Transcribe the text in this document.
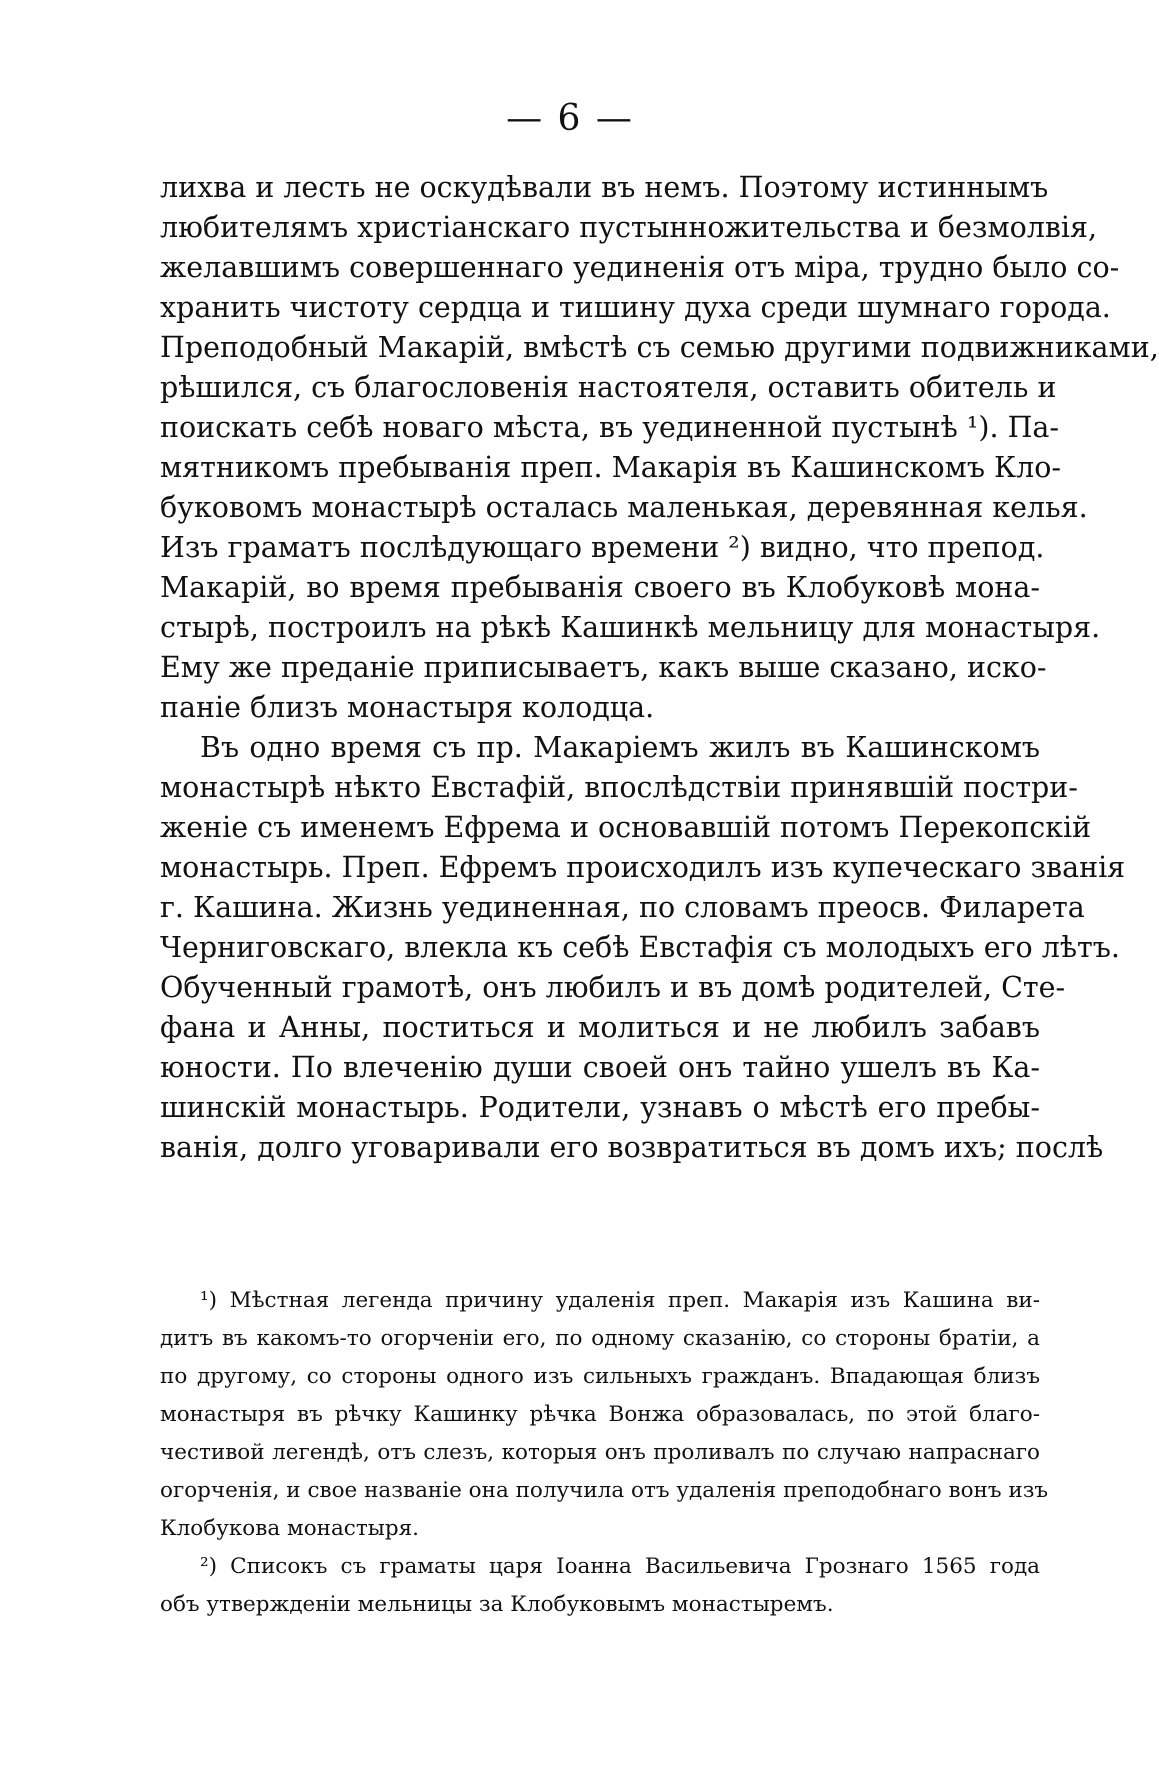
— 6 —
лихва и лесть не оскудѣвали въ немъ. Поэтому истиннымъ
любителямъ христіанскаго пустынножительства и безмолвія,
желавшимъ совершеннаго уединенія отъ міра, трудно было со-
хранить чистоту сердца и тишину духа среди шумнаго города.
Преподобный Макарій, вмѣстѣ съ семью другими подвижниками,
рѣшился, съ благословенія настоятеля, оставить обитель и
поискать себѣ новаго мѣста, въ уединенной пустынѣ ¹). Па-
мятникомъ пребыванія преп. Макарія въ Кашинскомъ Кло-
буковомъ монастырѣ осталась маленькая, деревянная келья.
Изъ граматъ послѣдующаго времени ²) видно, что препод.
Макарій, во время пребыванія своего въ Клобуковѣ мона-
стырѣ, построилъ на рѣкѣ Кашинкѣ мельницу для монастыря.
Ему же преданіе приписываетъ, какъ выше сказано, иско-
паніе близъ монастыря колодца.
Въ одно время съ пр. Макаріемъ жилъ въ Кашинскомъ
монастырѣ нѣкто Евстафій, впослѣдствіи принявшій постри-
женіе съ именемъ Ефрема и основавшій потомъ Перекопскій
монастырь. Преп. Ефремъ происходилъ изъ купеческаго званія
г. Кашина. Жизнь уединенная, по словамъ преосв. Филарета
Черниговскаго, влекла къ себѣ Евстафія съ молодыхъ его лѣтъ.
Обученный грамотѣ, онъ любилъ и въ домѣ родителей, Сте-
фана и Анны, поститься и молиться и не любилъ забавъ
юности. По влеченію души своей онъ тайно ушелъ въ Ка-
шинскій монастырь. Родители, узнавъ о мѣстѣ его пребы-
ванія, долго уговаривали его возвратиться въ домъ ихъ; послѣ
¹) Мѣстная легенда причину удаленія преп. Макарія изъ Кашина ви-
дитъ въ какомъ-то огорченіи его, по одному сказанію, со стороны братіи, а
по другому, со стороны одного изъ сильныхъ гражданъ. Впадающая близъ
монастыря въ рѣчку Кашинку рѣчка Вонжа образовалась, по этой благо-
честивой легендѣ, отъ слезъ, которыя онъ проливалъ по случаю напраснаго
огорченія, и свое названіе она получила отъ удаленія преподобнаго вонъ изъ
Клобукова монастыря.
²) Списокъ съ граматы царя Іоанна Васильевича Грознаго 1565 года
объ утвержденіи мельницы за Клобуковымъ монастыремъ.
